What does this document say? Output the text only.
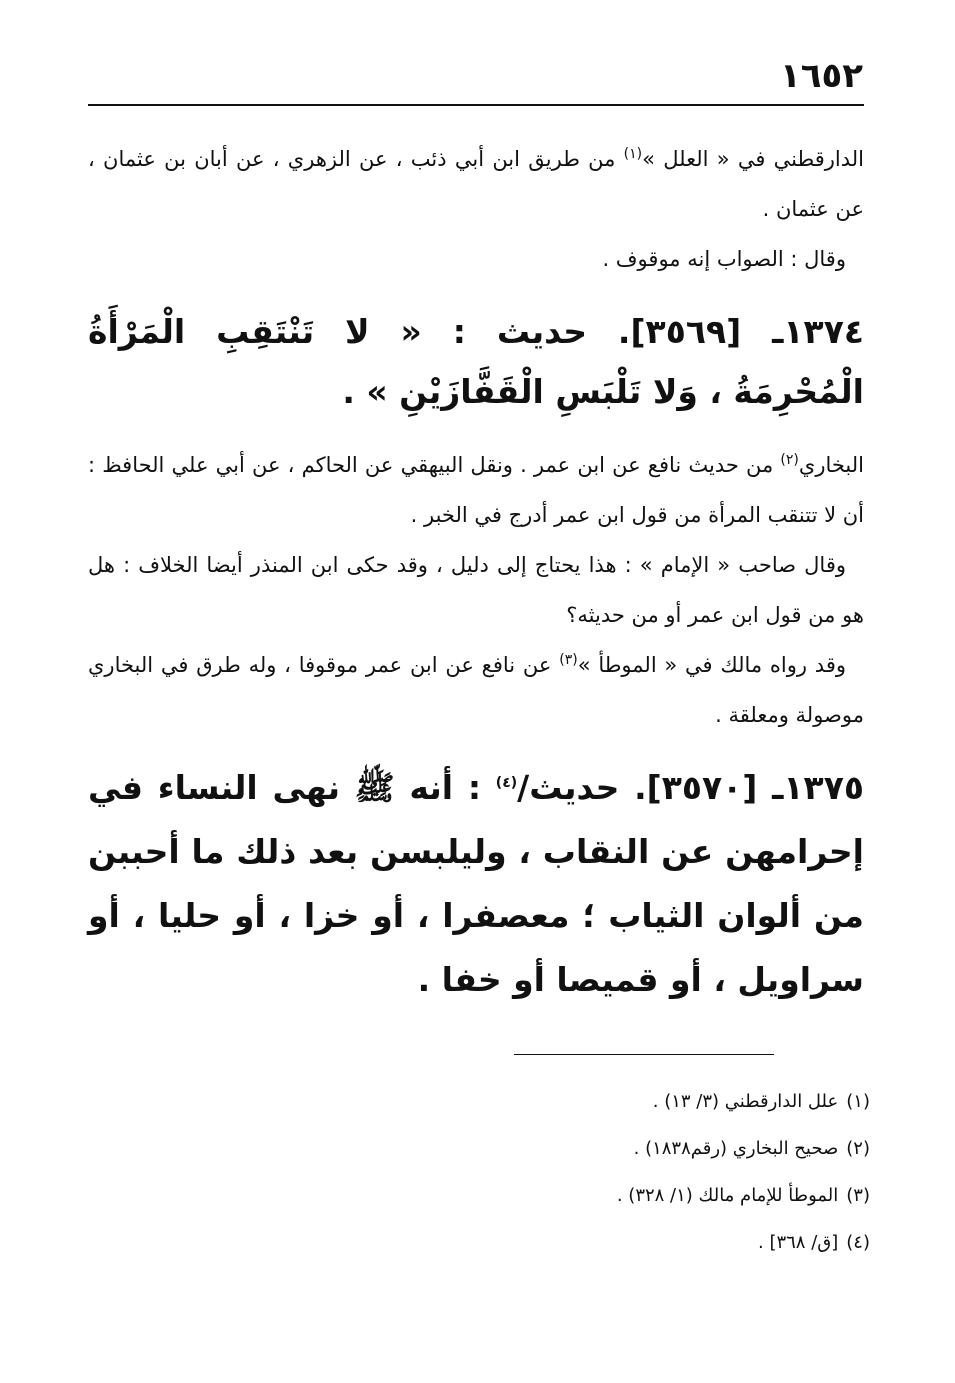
١٦٥٢

الدارقطني في « العلل »$^{(١)}$ من طريق ابن أبي ذئب ، عن الزهري ، عن أبان بن عثمان ، عن عثمان .

وقال : الصواب إنه موقوف .

١٣٧٤ـ [٣٥٦٩]. حديث : « لا تَنْتَقِبِ الْمَرْأَةُ الْمُحْرِمَةُ ، وَلا تَلْبَسِ الْقَفَّازَيْنِ » .

البخاري$^{(٢)}$ من حديث نافع عن ابن عمر . ونقل البيهقي عن الحاكم ، عن أبي علي الحافظ : أن لا تتنقب المرأة من قول ابن عمر أدرج في الخبر .

وقال صاحب « الإمام » : هذا يحتاج إلى دليل ، وقد حكى ابن المنذر أيضا الخلاف : هل هو من قول ابن عمر أو من حديثه؟

وقد رواه مالك في « الموطأ »$^{(٣)}$ عن نافع عن ابن عمر موقوفا ، وله طرق في البخاري موصولة ومعلقة .

١٣٧٥ـ [٣٥٧٠]. حديث/$^{(٤)}$ : أنه ﷺ نهى النساء في إحرامهن عن النقاب ، وليلبسن بعد ذلك ما أحببن من ألوان الثياب ؛ معصفرا ، أو خزا ، أو حليا ، أو سراويل ، أو قميصا أو خفا .

(١)علل الدارقطني (٣/ ١٣) .
(٢)صحيح البخاري (رقم١٨٣٨) .
(٣)الموطأ للإمام مالك (١/ ٣٢٨) .
(٤)[ق/ ٣٦٨] .
